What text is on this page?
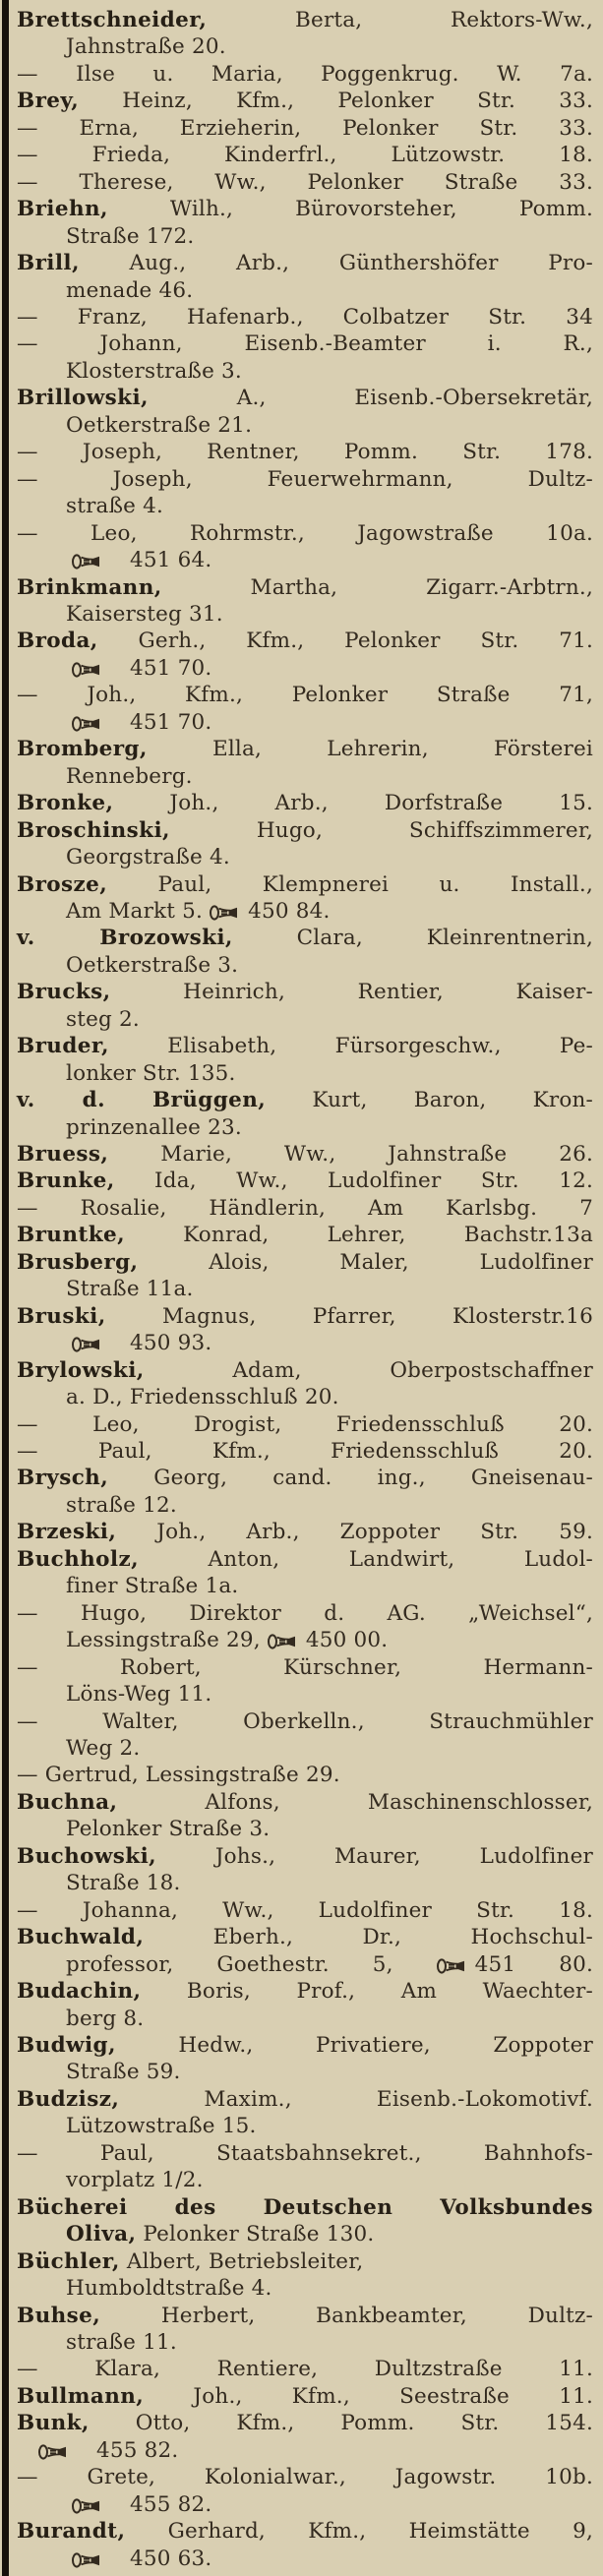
Brettschneider, Berta, Rektors-Ww.,
Jahnstraße 20.
— Ilse u. Maria, Poggenkrug. W. 7a.
Brey, Heinz, Kfm., Pelonker Str. 33.
— Erna, Erzieherin, Pelonker Str. 33.
— Frieda, Kinderfrl., Lützowstr. 18.
— Therese, Ww., Pelonker Straße 33.
Briehn, Wilh., Bürovorsteher, Pomm.
Straße 172.
Brill, Aug., Arb., Günthershöfer Pro-
menade 46.
— Franz, Hafenarb., Colbatzer Str. 34
— Johann, Eisenb.-Beamter i. R.,
Klosterstraße 3.
Brillowski, A., Eisenb.-Obersekretär,
Oetkerstraße 21.
— Joseph, Rentner, Pomm. Str. 178.
— Joseph, Feuerwehrmann, Dultz-
straße 4.
— Leo, Rohrmstr., Jagowstraße 10a.
451 64.
Brinkmann, Martha, Zigarr.-Arbtrn.,
Kaisersteg 31.
Broda, Gerh., Kfm., Pelonker Str. 71.
451 70.
— Joh., Kfm., Pelonker Straße 71,
451 70.
Bromberg, Ella, Lehrerin, Försterei
Renneberg.
Bronke, Joh., Arb., Dorfstraße 15.
Broschinski, Hugo, Schiffszimmerer,
Georgstraße 4.
Brosze, Paul, Klempnerei u. Install.,
Am Markt 5. 450 84.
v. Brozowski, Clara, Kleinrentnerin,
Oetkerstraße 3.
Brucks, Heinrich, Rentier, Kaiser-
steg 2.
Bruder, Elisabeth, Fürsorgeschw., Pe-
lonker Str. 135.
v. d. Brüggen, Kurt, Baron, Kron-
prinzenallee 23.
Bruess, Marie, Ww., Jahnstraße 26.
Brunke, Ida, Ww., Ludolfiner Str. 12.
— Rosalie, Händlerin, Am Karlsbg. 7
Bruntke, Konrad, Lehrer, Bachstr.13a
Brusberg, Alois, Maler, Ludolfiner
Straße 11a.
Bruski, Magnus, Pfarrer, Klosterstr.16
450 93.
Brylowski, Adam, Oberpostschaffner
a. D., Friedensschluß 20.
— Leo, Drogist, Friedensschluß 20.
— Paul, Kfm., Friedensschluß 20.
Brysch, Georg, cand. ing., Gneisenau-
straße 12.
Brzeski, Joh., Arb., Zoppoter Str. 59.
Buchholz, Anton, Landwirt, Ludol-
finer Straße 1a.
— Hugo, Direktor d. AG. „Weichsel“,
Lessingstraße 29, 450 00.
— Robert, Kürschner, Hermann-
Löns-Weg 11.
— Walter, Oberkelln., Strauchmühler
Weg 2.
— Gertrud, Lessingstraße 29.
Buchna, Alfons, Maschinenschlosser,
Pelonker Straße 3.
Buchowski, Johs., Maurer, Ludolfiner
Straße 18.
— Johanna, Ww., Ludolfiner Str. 18.
Buchwald, Eberh., Dr., Hochschul-
professor, Goethestr. 5, 451 80.
Budachin, Boris, Prof., Am Waechter-
berg 8.
Budwig, Hedw., Privatiere, Zoppoter
Straße 59.
Budzisz, Maxim., Eisenb.-Lokomotivf.
Lützowstraße 15.
— Paul, Staatsbahnsekret., Bahnhofs-
vorplatz 1/2.
Bücherei des Deutschen Volksbundes
Oliva, Pelonker Straße 130.
Büchler, Albert, Betriebsleiter,
Humboldtstraße 4.
Buhse, Herbert, Bankbeamter, Dultz-
straße 11.
— Klara, Rentiere, Dultzstraße 11.
Bullmann, Joh., Kfm., Seestraße 11.
Bunk, Otto, Kfm., Pomm. Str. 154.
455 82.
— Grete, Kolonialwar., Jagowstr. 10b.
455 82.
Burandt, Gerhard, Kfm., Heimstätte 9,
450 63.
